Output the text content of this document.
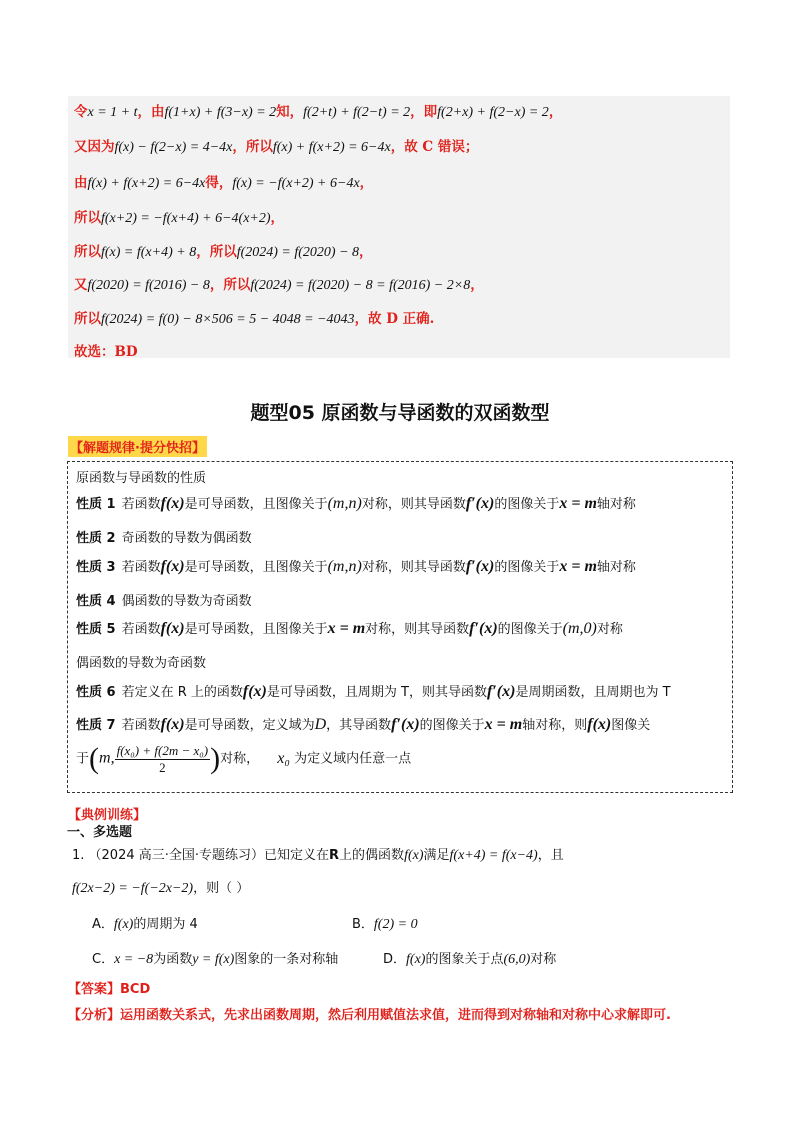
令x = 1 + t，由f(1+x) + f(3−x) = 2知，f(2+t) + f(2−t) = 2，即f(2+x) + f(2−x) = 2，
又因为f(x) − f(2−x) = 4−4x，所以f(x) + f(x+2) = 6−4x，故 C 错误；
由f(x) + f(x+2) = 6−4x得，f(x) = −f(x+2) + 6−4x，
所以f(x+2) = −f(x+4) + 6−4(x+2)，
所以f(x) = f(x+4) + 8，所以f(2024) = f(2020) − 8，
又f(2020) = f(2016) − 8，所以f(2024) = f(2020) − 8 = f(2016) − 2×8，
所以f(2024) = f(0) − 8×506 = 5 − 4048 = −4043，故 D 正确.
故选：BD
题型05 原函数与导函数的双函数型
【解题规律·提分快招】
原函数与导函数的性质
性质 1 若函数f(x)是可导函数，且图像关于(m,n)对称，则其导函数f′(x)的图像关于x = m轴对称
性质 2 奇函数的导数为偶函数
性质 3 若函数f(x)是可导函数，且图像关于(m,n)对称，则其导函数f′(x)的图像关于x = m轴对称
性质 4 偶函数的导数为奇函数
性质 5 若函数f(x)是可导函数，且图像关于x = m对称，则其导函数f′(x)的图像关于(m,0)对称
偶函数的导数为奇函数
性质 6 若定义在 R 上的函数f(x)是可导函数，且周期为 T，则其导函数f′(x)是周期函数，且周期也为 T
性质 7 若函数f(x)是可导函数，定义域为D，其导函数f′(x)的图像关于x = m轴对称，则f(x)图像关
于(m, $\frac{\text{f(x₀) + f(2m − x₀)}}{2}$ )对称， x₀ 为定义域内任意一点
【典例训练】
一、多选题
1. （2024 高三·全国·专题练习）已知定义在R上的偶函数f(x)满足f(x+4) = f(x−4)，且
f(2x−2) = −f(−2x−2)，则（ ）
A．f(x)的周期为 4	B．f(2) = 0
C．x = −8为函数y = f(x)图象的一条对称轴	D．f(x)的图象关于点(6,0)对称
【答案】BCD
【分析】运用函数关系式，先求出函数周期，然后利用赋值法求值，进而得到对称轴和对称中心求解即可.
